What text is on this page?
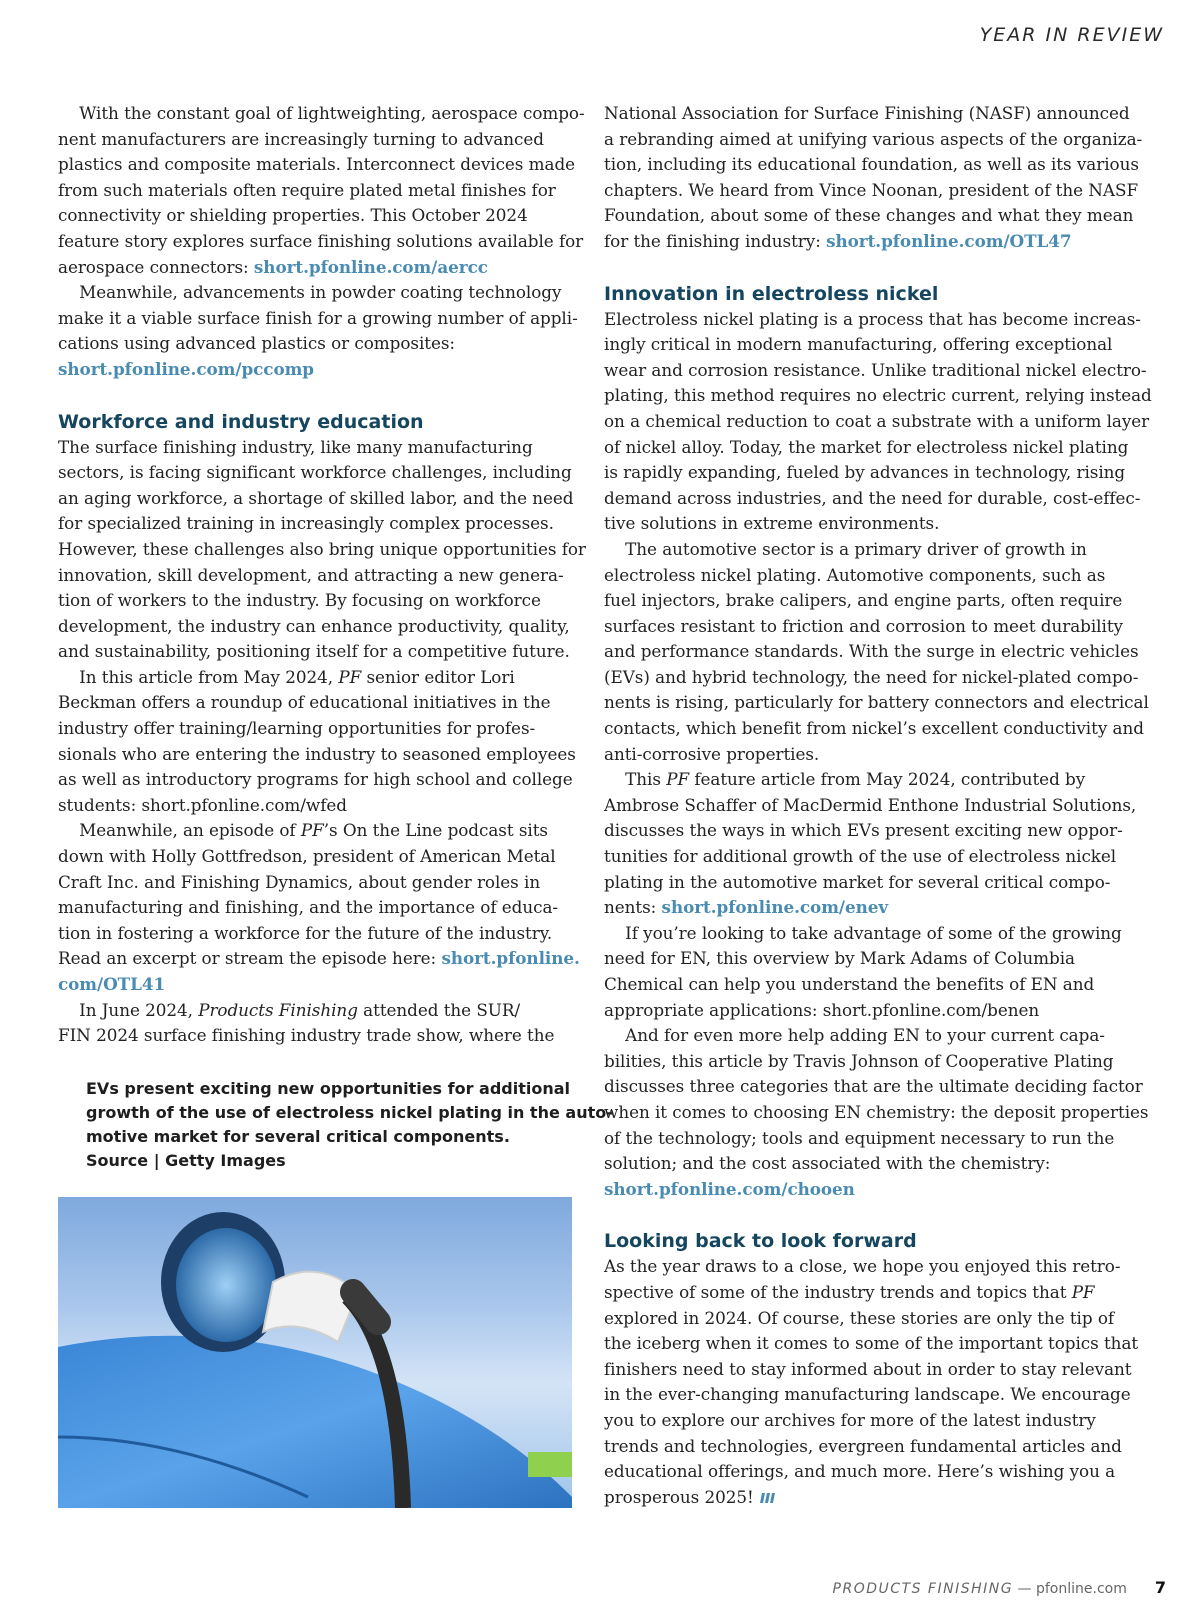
YEAR IN REVIEW

With the constant goal of lightweighting, aerospace compo-
nent manufacturers are increasingly turning to advanced
plastics and composite materials. Interconnect devices made
from such materials often require plated metal finishes for
connectivity or shielding properties. This October 2024
feature story explores surface finishing solutions available for
aerospace connectors: short.pfonline.com/aercc

Meanwhile, advancements in powder coating technology
make it a viable surface finish for a growing number of appli-
cations using advanced plastics or composites:
short.pfonline.com/pccomp

Workforce and industry education

The surface finishing industry, like many manufacturing
sectors, is facing significant workforce challenges, including
an aging workforce, a shortage of skilled labor, and the need
for specialized training in increasingly complex processes.
However, these challenges also bring unique opportunities for
innovation, skill development, and attracting a new genera-
tion of workers to the industry. By focusing on workforce
development, the industry can enhance productivity, quality,
and sustainability, positioning itself for a competitive future.

In this article from May 2024, PF senior editor Lori
Beckman offers a roundup of educational initiatives in the
industry offer training/learning opportunities for profes-
sionals who are entering the industry to seasoned employees
as well as introductory programs for high school and college
students: short.pfonline.com/wfed

Meanwhile, an episode of PF’s On the Line podcast sits
down with Holly Gottfredson, president of American Metal
Craft Inc. and Finishing Dynamics, about gender roles in
manufacturing and finishing, and the importance of educa-
tion in fostering a workforce for the future of the industry.
Read an excerpt or stream the episode here: short.pfonline.
com/OTL41

In June 2024, Products Finishing attended the SUR/
FIN 2024 surface finishing industry trade show, where the

EVs present exciting new opportunities for additional
growth of the use of electroless nickel plating in the auto-
motive market for several critical components.
Source | Getty Images

National Association for Surface Finishing (NASF) announced
a rebranding aimed at unifying various aspects of the organiza-
tion, including its educational foundation, as well as its various
chapters. We heard from Vince Noonan, president of the NASF
Foundation, about some of these changes and what they mean
for the finishing industry: short.pfonline.com/OTL47

Innovation in electroless nickel

Electroless nickel plating is a process that has become increas-
ingly critical in modern manufacturing, offering exceptional
wear and corrosion resistance. Unlike traditional nickel electro-
plating, this method requires no electric current, relying instead
on a chemical reduction to coat a substrate with a uniform layer
of nickel alloy. Today, the market for electroless nickel plating
is rapidly expanding, fueled by advances in technology, rising
demand across industries, and the need for durable, cost-effec-
tive solutions in extreme environments.

The automotive sector is a primary driver of growth in
electroless nickel plating. Automotive components, such as
fuel injectors, brake calipers, and engine parts, often require
surfaces resistant to friction and corrosion to meet durability
and performance standards. With the surge in electric vehicles
(EVs) and hybrid technology, the need for nickel-plated compo-
nents is rising, particularly for battery connectors and electrical
contacts, which benefit from nickel’s excellent conductivity and
anti-corrosive properties.

This PF feature article from May 2024, contributed by
Ambrose Schaffer of MacDermid Enthone Industrial Solutions,
discusses the ways in which EVs present exciting new oppor-
tunities for additional growth of the use of electroless nickel
plating in the automotive market for several critical compo-
nents: short.pfonline.com/enev

If you’re looking to take advantage of some of the growing
need for EN, this overview by Mark Adams of Columbia
Chemical can help you understand the benefits of EN and
appropriate applications: short.pfonline.com/benen

And for even more help adding EN to your current capa-
bilities, this article by Travis Johnson of Cooperative Plating
discusses three categories that are the ultimate deciding factor
when it comes to choosing EN chemistry: the deposit properties
of the technology; tools and equipment necessary to run the
solution; and the cost associated with the chemistry:
short.pfonline.com/chooen

Looking back to look forward

As the year draws to a close, we hope you enjoyed this retro-
spective of some of the industry trends and topics that PF
explored in 2024. Of course, these stories are only the tip of
the iceberg when it comes to some of the important topics that
finishers need to stay informed about in order to stay relevant
in the ever-changing manufacturing landscape. We encourage
you to explore our archives for more of the latest industry
trends and technologies, evergreen fundamental articles and
educational offerings, and much more. Here’s wishing you a
prosperous 2025!

PRODUCTS FINISHING — pfonline.com 7
